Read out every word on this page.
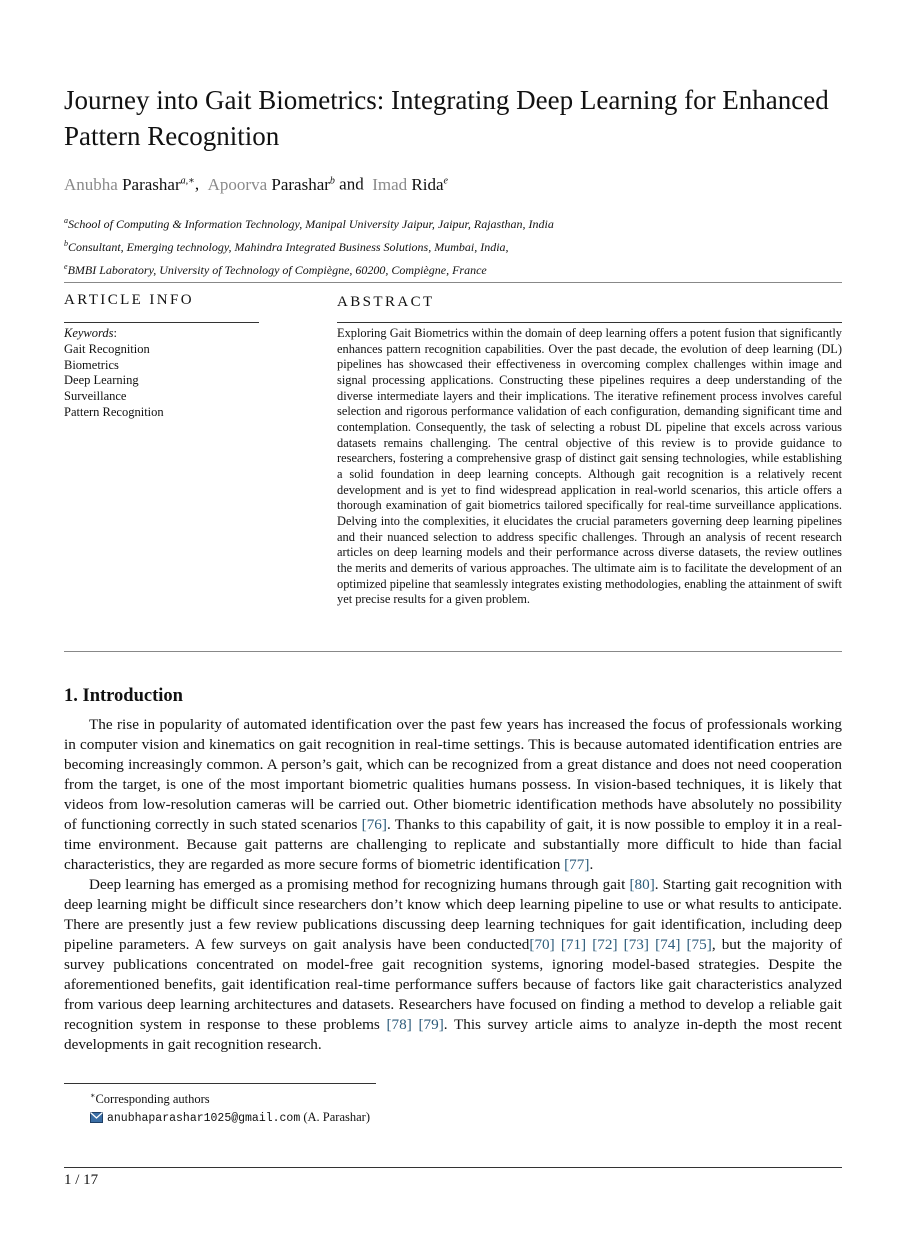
Journey into Gait Biometrics: Integrating Deep Learning for Enhanced Pattern Recognition
Anubha Parashar$^{a,∗}$,  Apoorva Parashar$^b$ and  Imad Rida$^e$
$^a$School of Computing & Information Technology, Manipal University Jaipur, Jaipur, Rajasthan, India
$^b$Consultant, Emerging technology, Mahindra Integrated Business Solutions, Mumbai, India,
$^e$BMBI Laboratory, University of Technology of Compiègne, 60200, Compiègne, France
ARTICLE INFO
Keywords:
Gait Recognition
Biometrics
Deep Learning
Surveillance
Pattern Recognition
ABSTRACT

Exploring Gait Biometrics within the domain of deep learning offers a potent fusion that significantly enhances pattern recognition capabilities. Over the past decade, the evolution of deep learning (DL) pipelines has showcased their effectiveness in overcoming complex challenges within image and signal processing applications. Constructing these pipelines requires a deep understanding of the diverse intermediate layers and their implications. The iterative refinement process involves careful selection and rigorous performance validation of each configuration, demanding significant time and contemplation. Consequently, the task of selecting a robust DL pipeline that excels across various datasets remains challenging. The central objective of this review is to provide guidance to researchers, fostering a comprehensive grasp of distinct gait sensing technologies, while establishing a solid foundation in deep learning concepts. Although gait recognition is a relatively recent development and is yet to find widespread application in real-world scenarios, this article offers a thorough examination of gait biometrics tailored specifically for real-time surveillance applications. Delving into the complexities, it elucidates the crucial parameters governing deep learning pipelines and their nuanced selection to address specific challenges. Through an analysis of recent research articles on deep learning models and their performance across diverse datasets, the review outlines the merits and demerits of various approaches. The ultimate aim is to facilitate the development of an optimized pipeline that seamlessly integrates existing methodologies, enabling the attainment of swift yet precise results for a given problem.

1. Introduction

The rise in popularity of automated identification over the past few years has increased the focus of professionals working in computer vision and kinematics on gait recognition in real-time settings. This is because automated identification entries are becoming increasingly common. A person’s gait, which can be recognized from a great distance and does not need cooperation from the target, is one of the most important biometric qualities humans possess. In vision-based techniques, it is likely that videos from low-resolution cameras will be carried out. Other biometric identification methods have absolutely no possibility of functioning correctly in such stated scenarios [76]. Thanks to this capability of gait, it is now possible to employ it in a real-time environment. Because gait patterns are challenging to replicate and substantially more difficult to hide than facial characteristics, they are regarded as more secure forms of biometric identification [77].

Deep learning has emerged as a promising method for recognizing humans through gait [80]. Starting gait recognition with deep learning might be difficult since researchers don’t know which deep learning pipeline to use or what results to anticipate. There are presently just a few review publications discussing deep learning techniques for gait identification, including deep pipeline parameters. A few surveys on gait analysis have been conducted[70] [71] [72] [73] [74] [75], but the majority of survey publications concentrated on model-free gait recognition systems, ignoring model-based strategies. Despite the aforementioned benefits, gait identification real-time performance suffers because of factors like gait characteristics analyzed from various deep learning architectures and datasets. Researchers have focused on finding a method to develop a reliable gait recognition system in response to these problems [78] [79]. This survey article aims to analyze in-depth the most recent developments in gait recognition research.

∗Corresponding authors
anubhaparashar1025@gmail.com (A. Parashar)
1 / 17
